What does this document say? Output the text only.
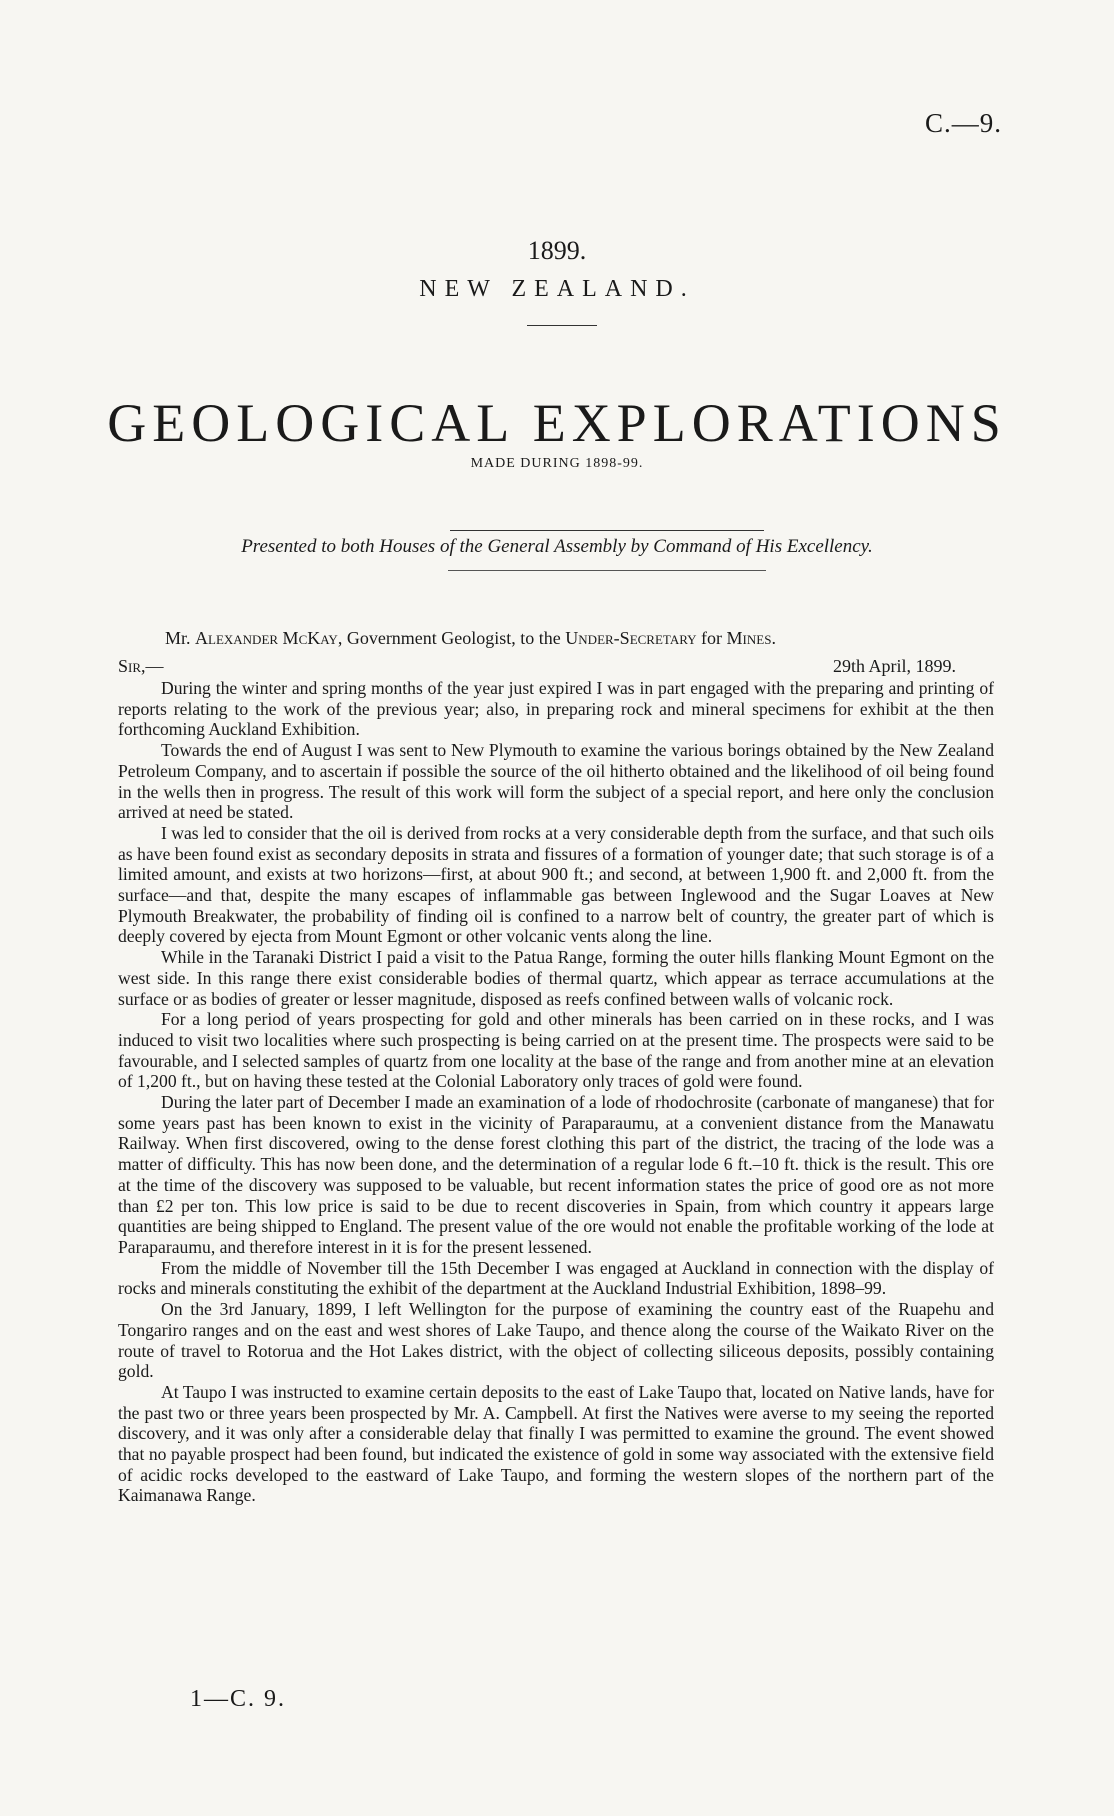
C.—9.
1899.
NEW ZEALAND.
GEOLOGICAL EXPLORATIONS
MADE DURING 1898-99.
Presented to both Houses of the General Assembly by Command of His Excellency.
Mr. Alexander McKay, Government Geologist, to the Under-Secretary for Mines.
Sir,—	29th April, 1899.

During the winter and spring months of the year just expired I was in part engaged with the preparing and printing of reports relating to the work of the previous year; also, in preparing rock and mineral specimens for exhibit at the then forthcoming Auckland Exhibition.

Towards the end of August I was sent to New Plymouth to examine the various borings obtained by the New Zealand Petroleum Company, and to ascertain if possible the source of the oil hitherto obtained and the likelihood of oil being found in the wells then in progress. The result of this work will form the subject of a special report, and here only the conclusion arrived at need be stated.

I was led to consider that the oil is derived from rocks at a very considerable depth from the surface, and that such oils as have been found exist as secondary deposits in strata and fissures of a formation of younger date; that such storage is of a limited amount, and exists at two horizons—first, at about 900 ft.; and second, at between 1,900 ft. and 2,000 ft. from the surface—and that, despite the many escapes of inflammable gas between Inglewood and the Sugar Loaves at New Plymouth Breakwater, the probability of finding oil is confined to a narrow belt of country, the greater part of which is deeply covered by ejecta from Mount Egmont or other volcanic vents along the line.

While in the Taranaki District I paid a visit to the Patua Range, forming the outer hills flanking Mount Egmont on the west side. In this range there exist considerable bodies of thermal quartz, which appear as terrace accumulations at the surface or as bodies of greater or lesser magnitude, disposed as reefs confined between walls of volcanic rock.

For a long period of years prospecting for gold and other minerals has been carried on in these rocks, and I was induced to visit two localities where such prospecting is being carried on at the present time. The prospects were said to be favourable, and I selected samples of quartz from one locality at the base of the range and from another mine at an elevation of 1,200 ft., but on having these tested at the Colonial Laboratory only traces of gold were found.

During the later part of December I made an examination of a lode of rhodochrosite (carbonate of manganese) that for some years past has been known to exist in the vicinity of Paraparaumu, at a convenient distance from the Manawatu Railway. When first discovered, owing to the dense forest clothing this part of the district, the tracing of the lode was a matter of difficulty. This has now been done, and the determination of a regular lode 6 ft.–10 ft. thick is the result. This ore at the time of the discovery was supposed to be valuable, but recent information states the price of good ore as not more than £2 per ton. This low price is said to be due to recent discoveries in Spain, from which country it appears large quantities are being shipped to England. The present value of the ore would not enable the profitable working of the lode at Paraparaumu, and therefore interest in it is for the present lessened.

From the middle of November till the 15th December I was engaged at Auckland in connection with the display of rocks and minerals constituting the exhibit of the department at the Auckland Industrial Exhibition, 1898–99.

On the 3rd January, 1899, I left Wellington for the purpose of examining the country east of the Ruapehu and Tongariro ranges and on the east and west shores of Lake Taupo, and thence along the course of the Waikato River on the route of travel to Rotorua and the Hot Lakes district, with the object of collecting siliceous deposits, possibly containing gold.

At Taupo I was instructed to examine certain deposits to the east of Lake Taupo that, located on Native lands, have for the past two or three years been prospected by Mr. A. Campbell. At first the Natives were averse to my seeing the reported discovery, and it was only after a considerable delay that finally I was permitted to examine the ground. The event showed that no payable prospect had been found, but indicated the existence of gold in some way associated with the extensive field of acidic rocks developed to the eastward of Lake Taupo, and forming the western slopes of the northern part of the Kaimanawa Range.

1—C. 9.
